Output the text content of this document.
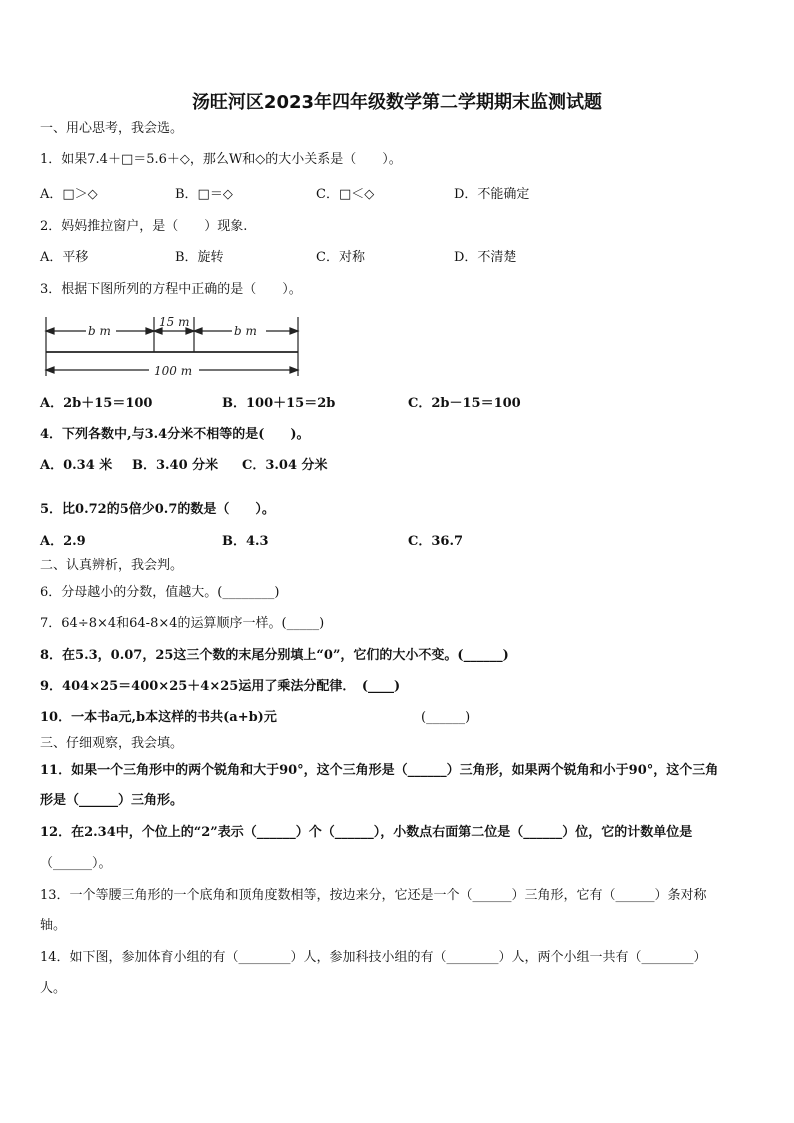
汤旺河区2023年四年级数学第二学期期末监测试题
一、用心思考，我会选。
1．如果7.4＋□＝5.6＋◇，那么W和◇的大小关系是（　　）。
A．□＞◇	B．□＝◇	C．□＜◇	D．不能确定
2．妈妈推拉窗户，是（　　）现象.
A．平移	B．旋转	C．对称	D．不清楚
3．根据下图所列的方程中正确的是（　　）。
b m
15 m
b m
100 m
A．2b＋15＝100	B．100＋15＝2b	C．2b－15＝100
4．下列各数中,与3.4分米不相等的是(　　)。
A．0.34 米 B．3.40 分米 C．3.04 分米
5．比0.72的5倍少0.7的数是（　　）。
A．2.9	B．4.3	C．36.7
二、认真辨析，我会判。
6．分母越小的分数，值越大。(________)
7．64÷8×4和64-8×4的运算顺序一样。(_____)
8．在5.3，0.07，25这三个数的末尾分别填上“0”，它们的大小不变。(______)
9．404×25＝400×25＋4×25运用了乘法分配律．　(____)
10．一本书a元,b本这样的书共(a+b)元	(______)
三、仔细观察，我会填。
11．如果一个三角形中的两个锐角和大于90°，这个三角形是（______）三角形，如果两个锐角和小于90°，这个三角
形是（______）三角形。
12．在2.34中，个位上的“2”表示（______）个（______），小数点右面第二位是（______）位，它的计数单位是
（______）。
13．一个等腰三角形的一个底角和顶角度数相等，按边来分，它还是一个（______）三角形，它有（______）条对称
轴。
14．如下图，参加体育小组的有（________）人，参加科技小组的有（________）人，两个小组一共有（________）
人。
